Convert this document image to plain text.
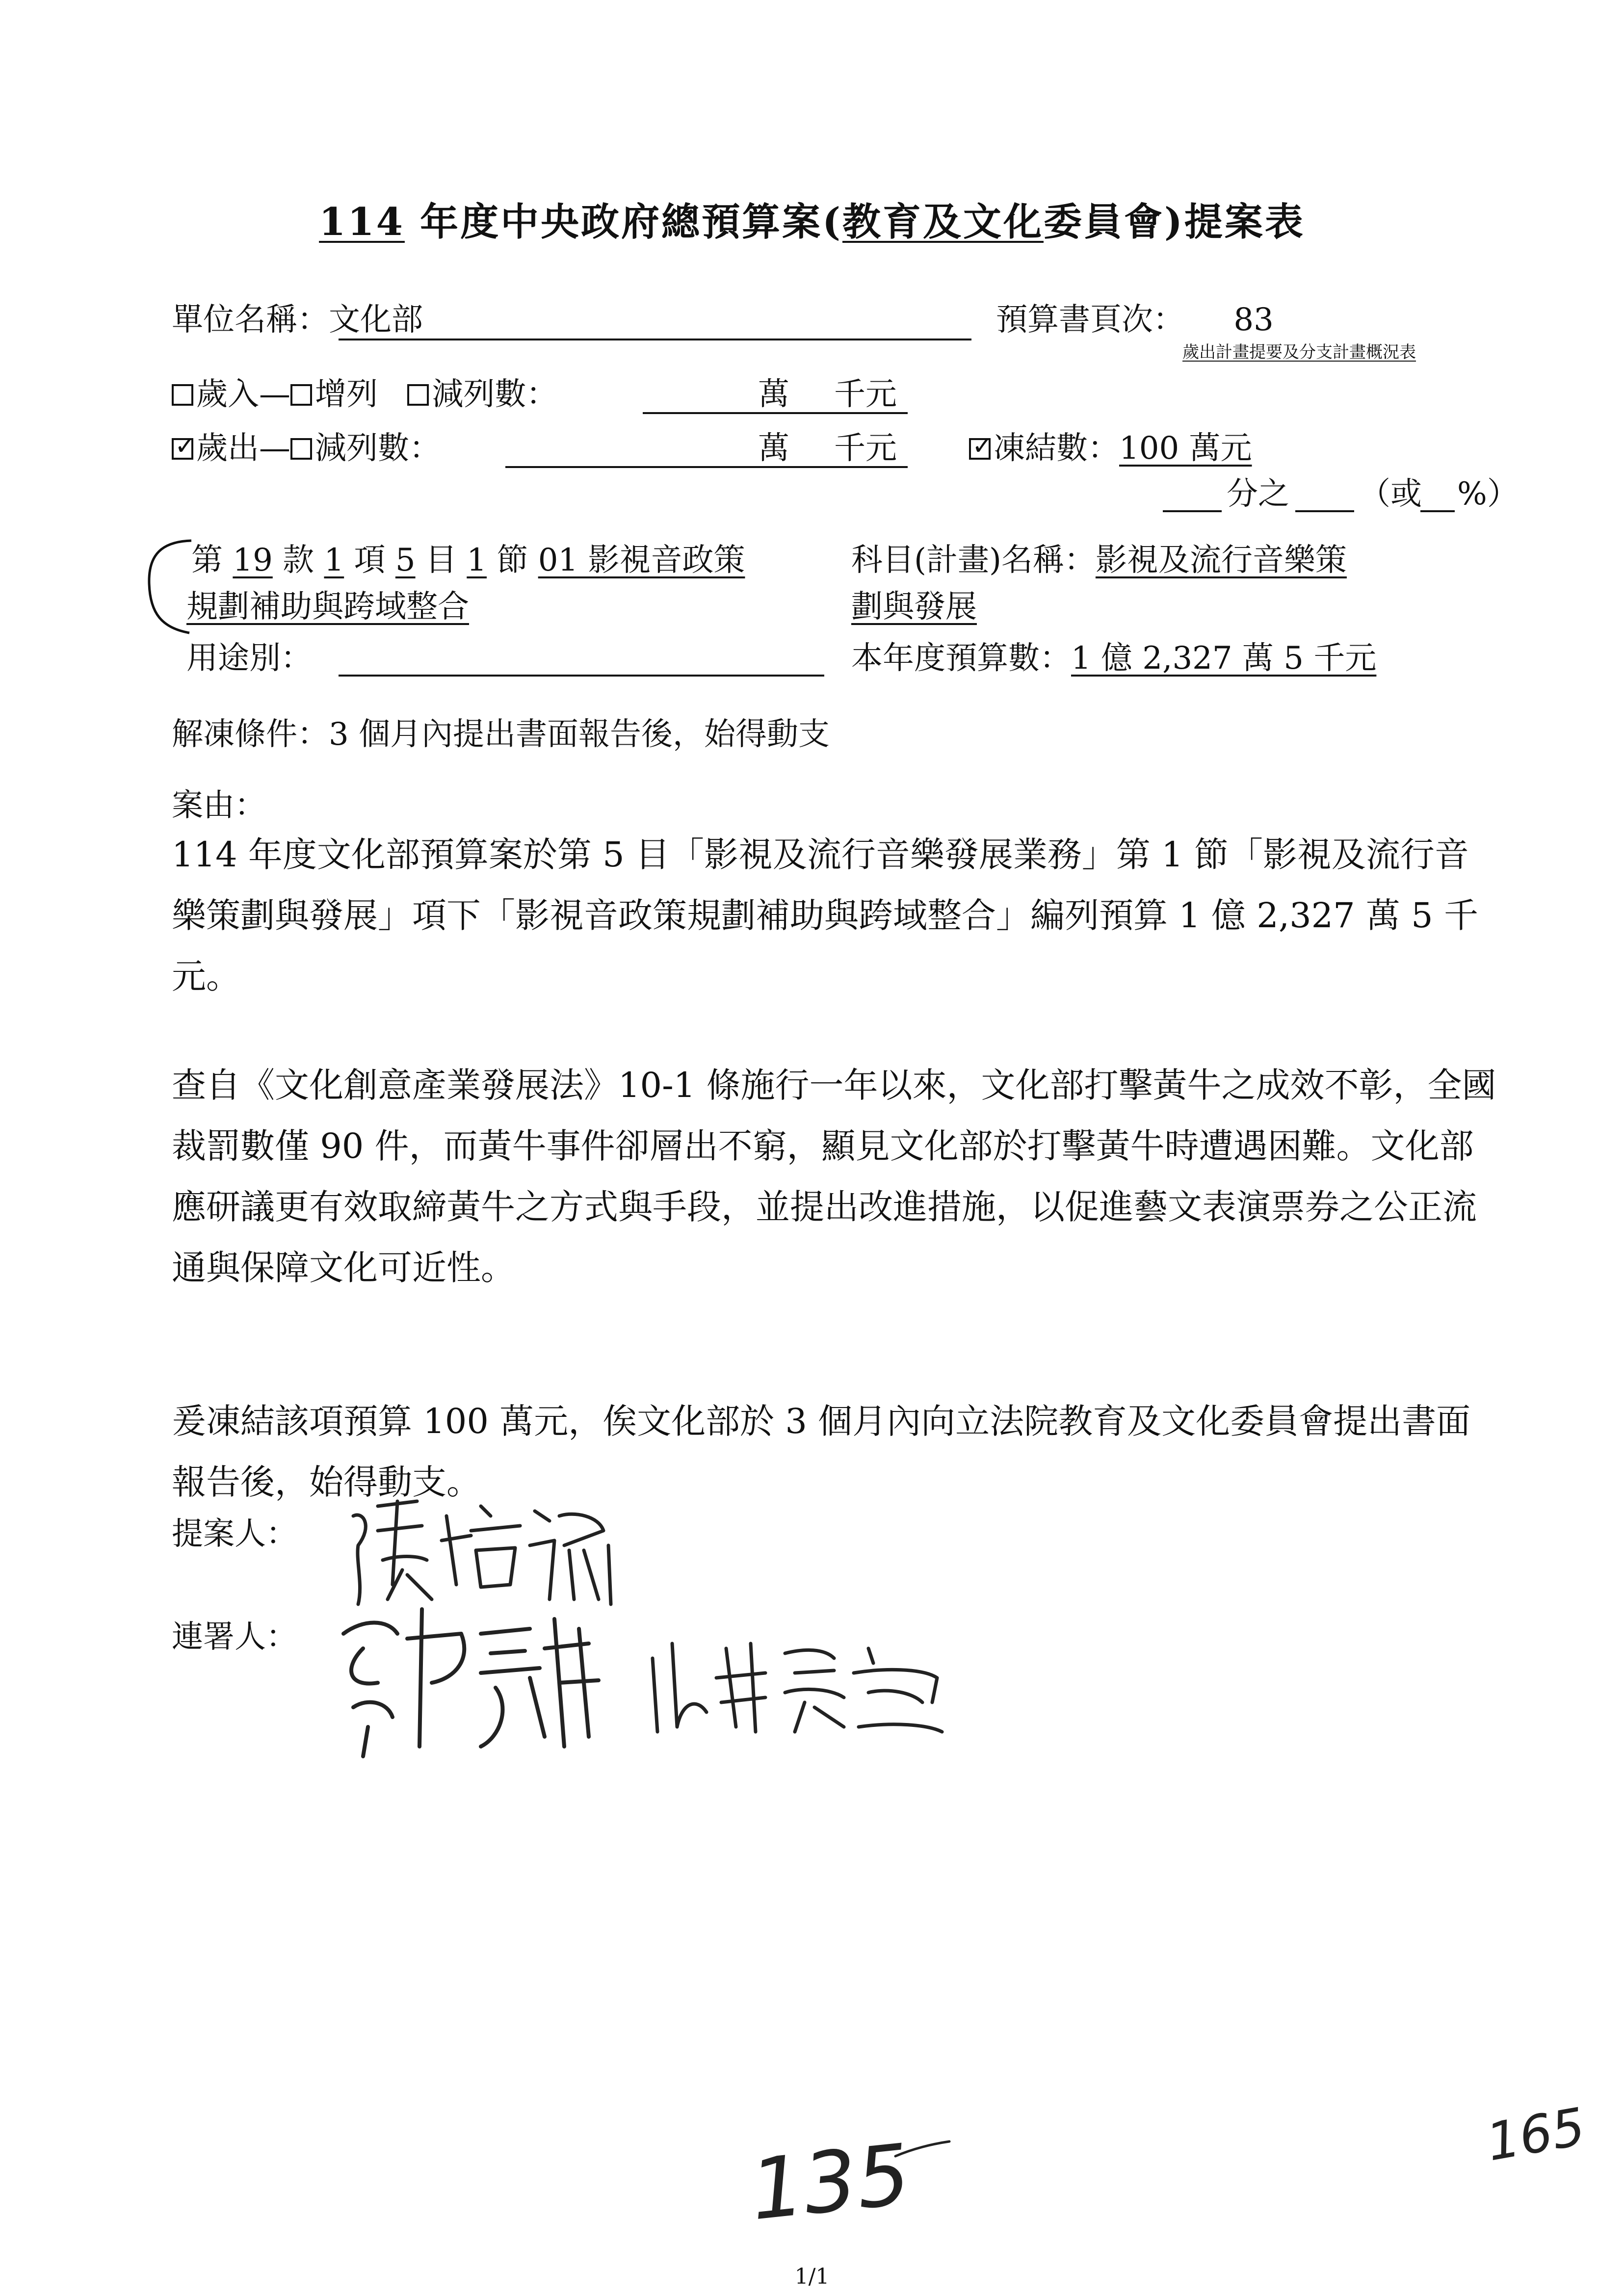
114 年度中央政府總預算案(教育及文化委員會)提案表
單位名稱：文化部	預算書頁次： 83
歲出計畫提要及分支計畫概況表
歲入— 增列 減列數：	萬 千元
✓歲出— 減列數：	萬 千元
✓	凍結數：100 萬元
分之 （或 %）
第 19 款 1 項 5 目 1 節 01 影視音政策
規劃補助與跨域整合
科目(計畫)名稱：影視及流行音樂策
劃與發展
用途別：	本年度預算數：1 億 2,327 萬 5 千元
解凍條件：3 個月內提出書面報告後，始得動支
案由：
114 年度文化部預算案於第 5 目「影視及流行音樂發展業務」第 1 節「影視及流行音樂策劃與發展」項下「影視音政策規劃補助與跨域整合」編列預算 1 億 2,327 萬 5 千元。
查自《文化創意產業發展法》10-1 條施行一年以來，文化部打擊黃牛之成效不彰，全國裁罰數僅 90 件，而黃牛事件卻層出不窮，顯見文化部於打擊黃牛時遭遇困難。文化部應研議更有效取締黃牛之方式與手段，並提出改進措施，以促進藝文表演票券之公正流通與保障文化可近性。
爰凍結該項預算 100 萬元，俟文化部於 3 個月內向立法院教育及文化委員會提出書面報告後，始得動支。
提案人：
連署人：
135	165
1/1
